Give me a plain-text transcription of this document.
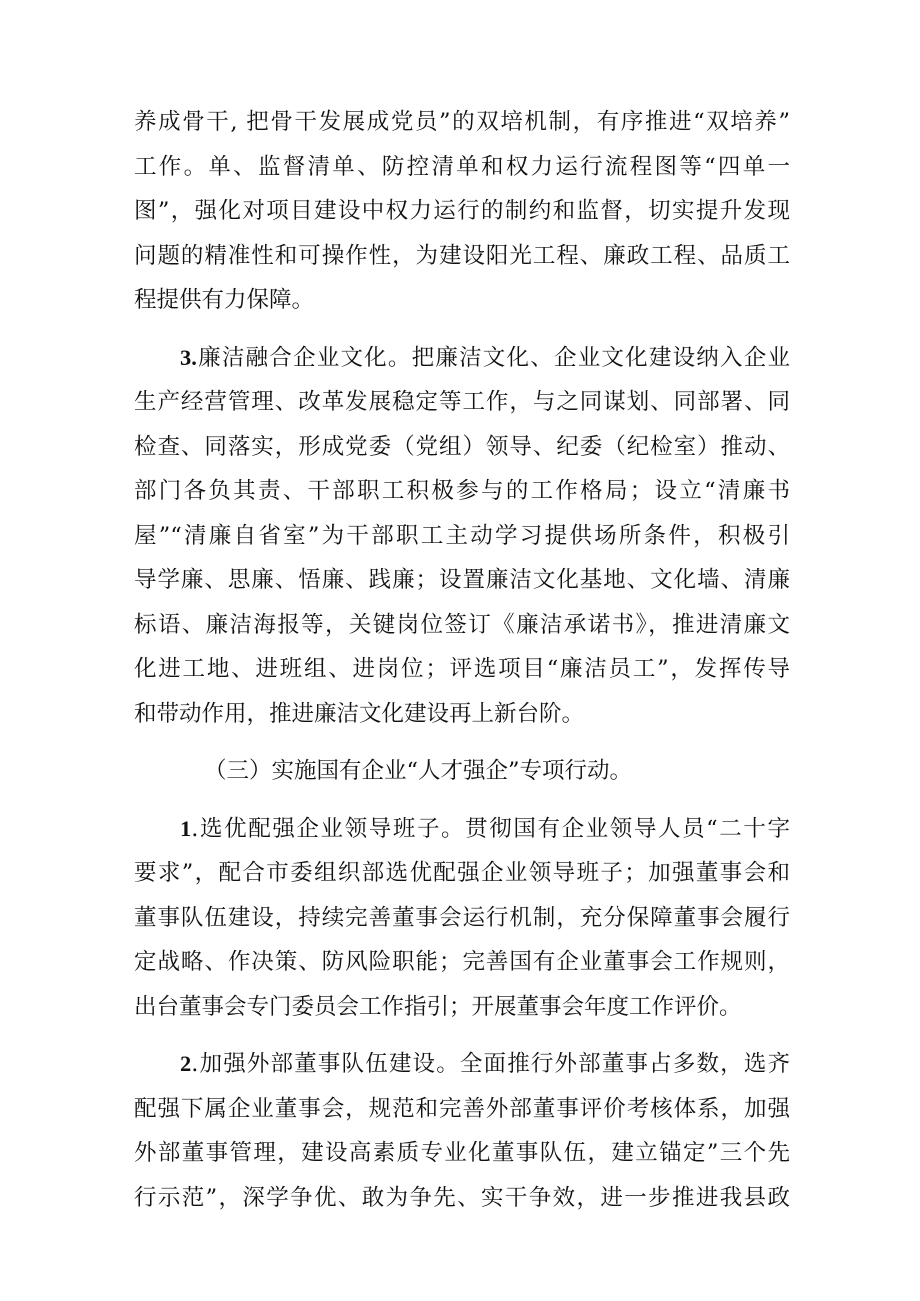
养成骨干, 把骨干发展成党员”的双培机制，有序推进“双培养”
工作。单、监督清单、防控清单和权力运行流程图等“四单一
图”，强化对项目建设中权力运行的制约和监督，切实提升发现
问题的精准性和可操作性，为建设阳光工程、廉政工程、品质工
程提供有力保障。
3.廉洁融合企业文化。把廉洁文化、企业文化建设纳入企业
生产经营管理、改革发展稳定等工作，与之同谋划、同部署、同
检查、同落实，形成党委（党组）领导、纪委（纪检室）推动、
部门各负其责、干部职工积极参与的工作格局；设立“清廉书
屋”“清廉自省室”为干部职工主动学习提供场所条件，积极引
导学廉、思廉、悟廉、践廉；设置廉洁文化基地、文化墙、清廉
标语、廉洁海报等，关键岗位签订《廉洁承诺书》，推进清廉文
化进工地、进班组、进岗位；评选项目“廉洁员工”，发挥传导
和带动作用，推进廉洁文化建设再上新台阶。
（三）实施国有企业“人才强企”专项行动。
1.选优配强企业领导班子。贯彻国有企业领导人员“二十字
要求”，配合市委组织部选优配强企业领导班子；加强董事会和
董事队伍建设，持续完善董事会运行机制，充分保障董事会履行
定战略、作决策、防风险职能；完善国有企业董事会工作规则，
出台董事会专门委员会工作指引；开展董事会年度工作评价。
2.加强外部董事队伍建设。全面推行外部董事占多数，选齐
配强下属企业董事会，规范和完善外部董事评价考核体系，加强
外部董事管理，建设高素质专业化董事队伍，建立锚定”三个先
行示范”，深学争优、敢为争先、实干争效，进一步推进我县政
